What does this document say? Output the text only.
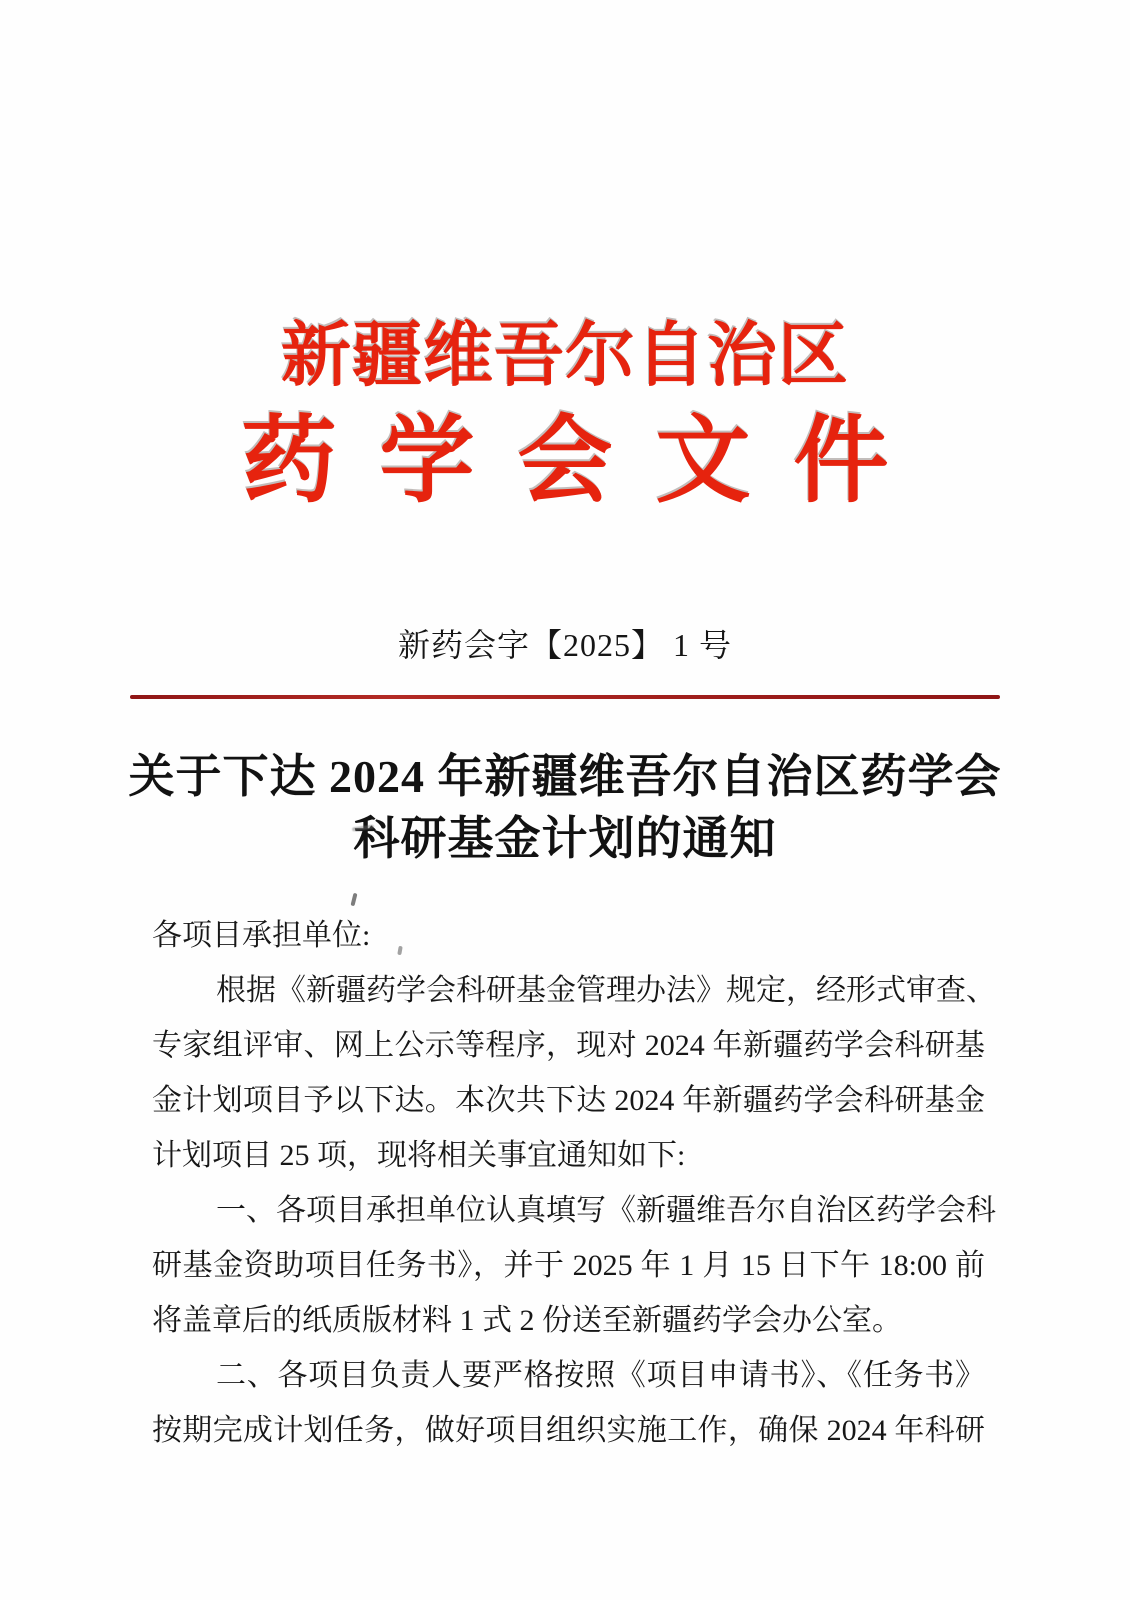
新疆维吾尔自治区
药学会文件
新药会字【2025】 1 号
关于下达 2024 年新疆维吾尔自治区药学会
科研基金计划的通知
各项目承担单位:
根据《新疆药学会科研基金管理办法》规定，经形式审查、
专家组评审、网上公示等程序，现对 2024 年新疆药学会科研基
金计划项目予以下达。本次共下达 2024 年新疆药学会科研基金
计划项目 25 项，现将相关事宜通知如下:
一、各项目承担单位认真填写《新疆维吾尔自治区药学会科
研基金资助项目任务书》，并于 2025 年 1 月 15 日下午 18:00 前
将盖章后的纸质版材料 1 式 2 份送至新疆药学会办公室。
二、各项目负责人要严格按照《项目申请书》、《任务书》
按期完成计划任务，做好项目组织实施工作，确保 2024 年科研
